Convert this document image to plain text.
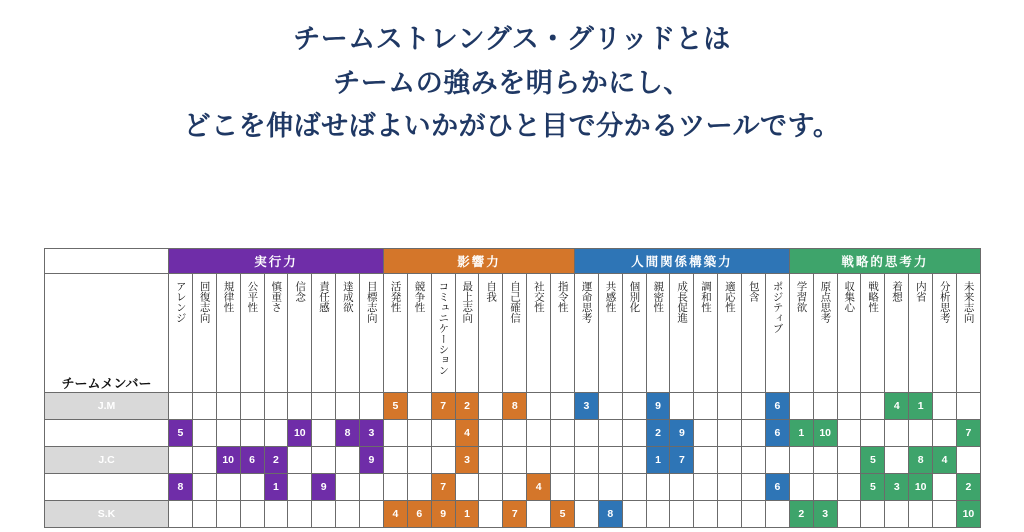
チームストレングス・グリッドとは
チームの強みを明らかにし、
どこを伸ばせばよいかがひと目で分かるツールです。
	実行力									影響力								人間関係構築力									戦略的思考力							
チームメンバー	アレンジ	回復志向	規律性	公平性	慎重さ	信念	責任感	達成欲	目標志向	活発性	競争性	コミュニケーション	最上志向	自我	自己確信	社交性	指令性	運命思考	共感性	個別化	親密性	成長促進	調和性	適応性	包含	ポジティブ	学習欲	原点思考	収集心	戦略性	着想	内省	分析思考	未来志向

J.M										5		7	2		8			3			9					6					4	1		
T.N	5					10		8	3				4								2	9				6	1	10						7
J.C			10	6	2				9				3								1	7								5		8	4	
K.O	8				1		9					7				4										6				5	3	10		2
S.K										4	6	9	1		7		5		8								2	3						10
